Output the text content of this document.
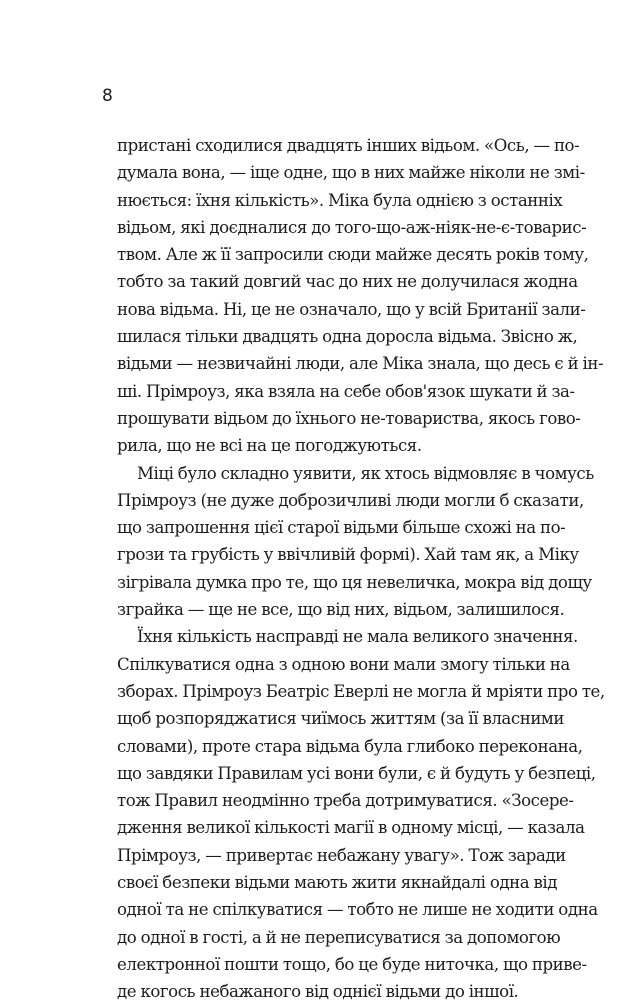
8
пристані сходилися двадцять інших відьом. «Ось, — по-
думала вона, — іще одне, що в них майже ніколи не змі-
нюється: їхня кількість». Міка була однією з останніх
відьом, які доєдналися до того-що-аж-ніяк-не-є-товарис-
твом. Але ж її запросили сюди майже десять років тому,
тобто за такий довгий час до них не долучилася жодна
нова відьма. Ні, це не означало, що у всій Британії зали-
шилася тільки двадцять одна доросла відьма. Звісно ж,
відьми — незвичайні люди, але Міка знала, що десь є й ін-
ші. Прімроуз, яка взяла на себе обов'язок шукати й за-
прошувати відьом до їхнього не-товариства, якось гово-
рила, що не всі на це погоджуються.
Міці було складно уявити, як хтось відмовляє в чомусь
Прімроуз (не дуже доброзичливі люди могли б сказати,
що запрошення цієї старої відьми більше схожі на по-
грози та грубість у ввічливій формі). Хай там як, а Міку
зігрівала думка про те, що ця невеличка, мокра від дощу
зграйка — ще не все, що від них, відьом, залишилося.
Їхня кількість насправді не мала великого значення.
Спілкуватися одна з одною вони мали змогу тільки на
зборах. Прімроуз Беатріс Еверлі не могла й мріяти про те,
щоб розпоряджатися чиїмось життям (за її власними
словами), проте стара відьма була глибоко переконана,
що завдяки Правилам усі вони були, є й будуть у безпеці,
тож Правил неодмінно треба дотримуватися. «Зосере-
дження великої кількості магії в одному місці, — казала
Прімроуз, — привертає небажану увагу». Тож заради
своєї безпеки відьми мають жити якнайдалі одна від
одної та не спілкуватися — тобто не лише не ходити одна
до одної в гості, а й не переписуватися за допомогою
електронної пошти тощо, бо це буде ниточка, що приве-
де когось небажаного від однієї відьми до іншої.
